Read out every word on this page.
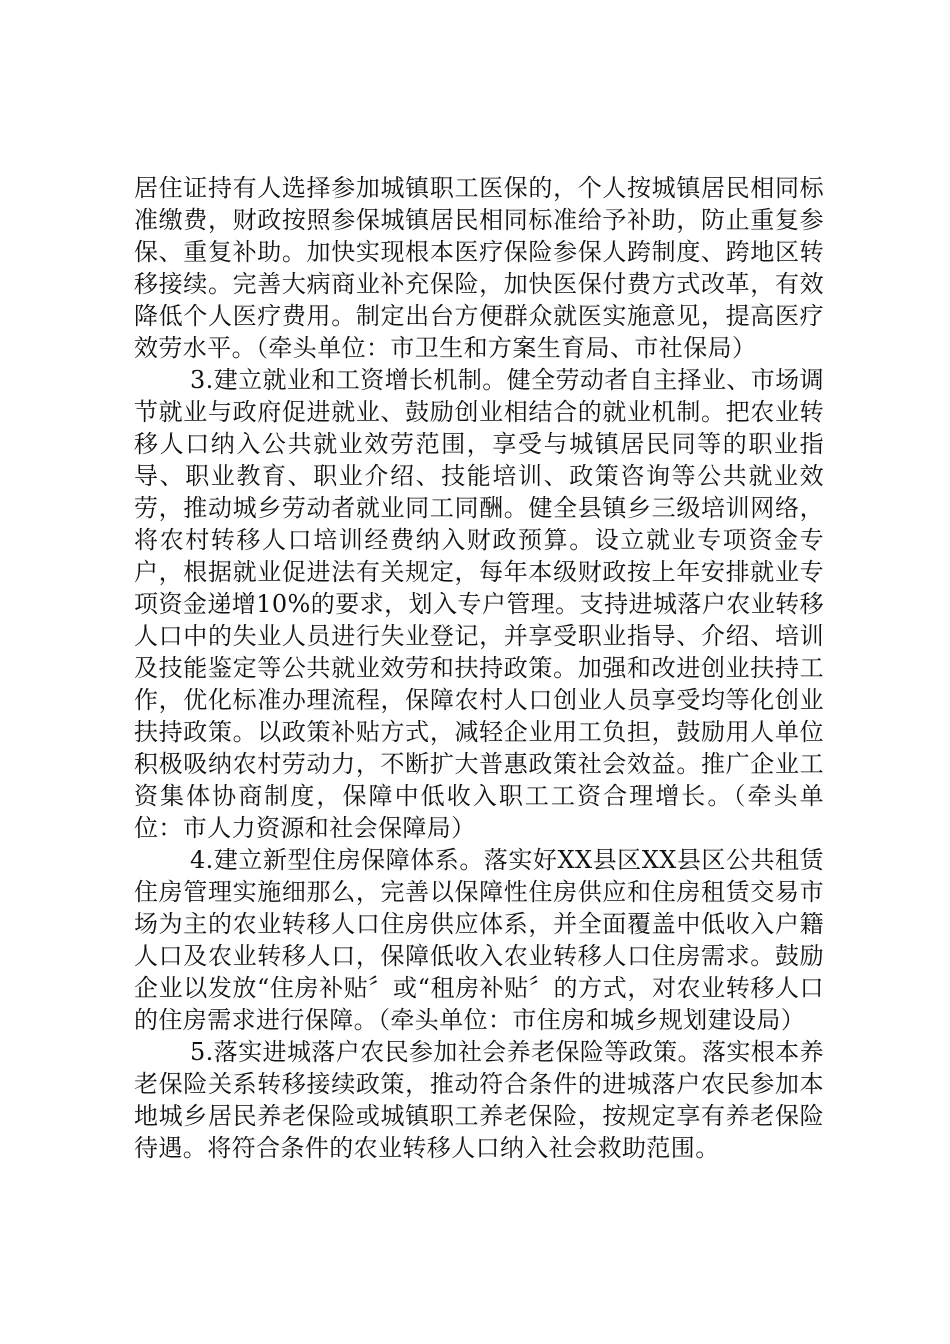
居住证持有人选择参加城镇职工医保的，个人按城镇居民相同标准缴费，财政按照参保城镇居民相同标准给予补助，防止重复参保、重复补助。加快实现根本医疗保险参保人跨制度、跨地区转移接续。完善大病商业补充保险，加快医保付费方式改革，有效降低个人医疗费用。制定出台方便群众就医实施意见，提高医疗效劳水平。（牵头单位：市卫生和方案生育局、市社保局）

3.建立就业和工资增长机制。健全劳动者自主择业、市场调节就业与政府促进就业、鼓励创业相结合的就业机制。把农业转移人口纳入公共就业效劳范围，享受与城镇居民同等的职业指导、职业教育、职业介绍、技能培训、政策咨询等公共就业效劳，推动城乡劳动者就业同工同酬。健全县镇乡三级培训网络，将农村转移人口培训经费纳入财政预算。设立就业专项资金专户，根据就业促进法有关规定，每年本级财政按上年安排就业专项资金递增10%的要求，划入专户管理。支持进城落户农业转移人口中的失业人员进行失业登记，并享受职业指导、介绍、培训及技能鉴定等公共就业效劳和扶持政策。加强和改进创业扶持工作，优化标准办理流程，保障农村人口创业人员享受均等化创业扶持政策。以政策补贴方式，减轻企业用工负担，鼓励用人单位积极吸纳农村劳动力，不断扩大普惠政策社会效益。推广企业工资集体协商制度，保障中低收入职工工资合理增长。（牵头单位：市人力资源和社会保障局）

4.建立新型住房保障体系。落实好XX县区XX县区公共租赁住房管理实施细那么，完善以保障性住房供应和住房租赁交易市场为主的农业转移人口住房供应体系，并全面覆盖中低收入户籍人口及农业转移人口，保障低收入农业转移人口住房需求。鼓励企业以发放“住房补贴〞或“租房补贴〞的方式，对农业转移人口的住房需求进行保障。（牵头单位：市住房和城乡规划建设局）

5.落实进城落户农民参加社会养老保险等政策。落实根本养老保险关系转移接续政策，推动符合条件的进城落户农民参加本地城乡居民养老保险或城镇职工养老保险，按规定享有养老保险待遇。将符合条件的农业转移人口纳入社会救助范围。
